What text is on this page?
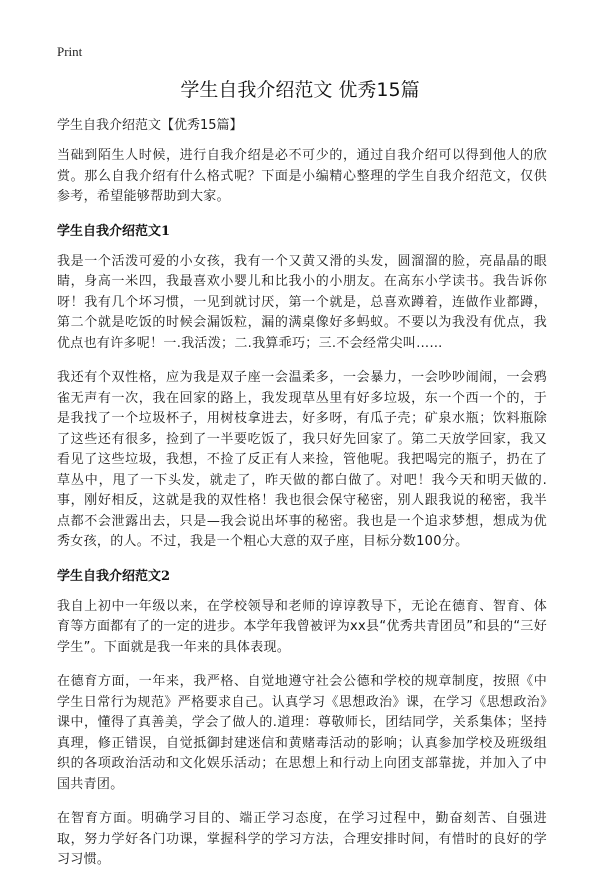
Print
学生自我介绍范文 优秀15篇

学生自我介绍范文【优秀15篇】

当础到陌生人时候，进行自我介绍是必不可少的，通过自我介绍可以得到他人的欣赏。那么自我介绍有什么格式呢？下面是小编精心整理的学生自我介绍范文，仅供参考，希望能够帮助到大家。

学生自我介绍范文1

我是一个活泼可爱的小女孩，我有一个又黄又滑的头发，圆溜溜的脸，亮晶晶的眼睛，身高一米四，我最喜欢小婴儿和比我小的小朋友。在高东小学读书。我告诉你呀！我有几个坏习惯，一见到就讨厌，第一个就是，总喜欢蹲着，连做作业都蹲，第二个就是吃饭的时候会漏饭粒，漏的满桌像好多蚂蚁。不要以为我没有优点，我优点也有许多呢！一.我活泼；二.我算乖巧；三.不会经常尖叫……

我还有个双性格，应为我是双子座一会温柔多，一会暴力，一会吵吵闹闹，一会鸦雀无声有一次，我在回家的路上，我发现草丛里有好多垃圾，东一个西一个的，于是我找了一个垃圾杯子，用树枝拿进去，好多呀，有瓜子壳；矿泉水瓶；饮料瓶除了这些还有很多，捡到了一半要吃饭了，我只好先回家了。第二天放学回家，我又看见了这些垃圾，我想，不捡了反正有人来捡，管他呢。我把喝完的瓶子，扔在了草丛中，甩了一下头发，就走了，昨天做的都白做了。对吧！我今天和明天做的.事，刚好相反，这就是我的双性格！我也很会保守秘密，别人跟我说的秘密，我半点都不会泄露出去，只是—我会说出坏事的秘密。我也是一个追求梦想，想成为优秀女孩，的人。不过，我是一个粗心大意的双子座，目标分数100分。

学生自我介绍范文2

我自上初中一年级以来，在学校领导和老师的谆谆教导下，无论在德育、智育、体育等方面都有了的一定的进步。本学年我曾被评为xx县“优秀共青团员”和县的“三好学生”。下面就是我一年来的具体表现。

在德育方面，一年来，我严格、自觉地遵守社会公德和学校的规章制度，按照《中学生日常行为规范》严格要求自己。认真学习《思想政治》课，在学习《思想政治》课中，懂得了真善美，学会了做人的.道理：尊敬师长，团结同学，关系集体；坚持真理，修正错误，自觉抵御封建迷信和黄赌毒活动的影响；认真参加学校及班级组织的各项政治活动和文化娱乐活动；在思想上和行动上向团支部靠拢，并加入了中国共青团。

在智育方面。明确学习目的、端正学习态度，在学习过程中，勤奋刻苦、自强进取，努力学好各门功课，掌握科学的学习方法，合理安排时间，有惜时的良好的学习习惯。
